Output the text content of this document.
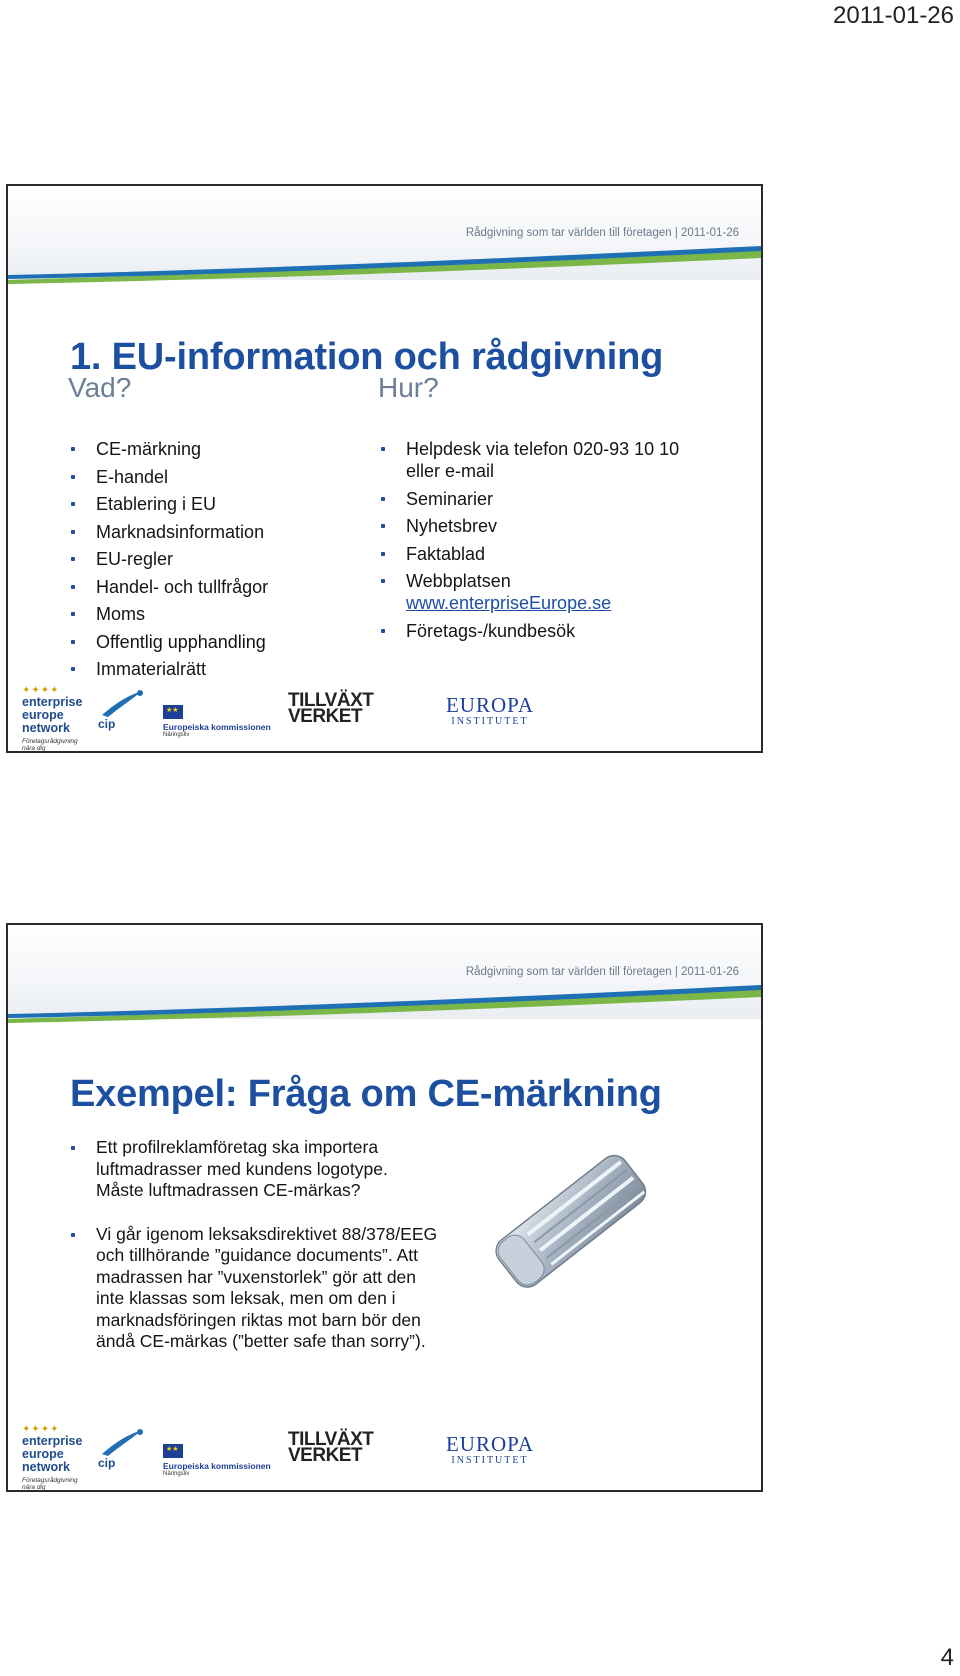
2011-01-26
Rådgivning som tar världen till företagen | 2011-01-26
1. EU-information och rådgivning
Vad?	Hur?
CE-märkning
E-handel
Etablering i EU
Marknadsinformation
EU-regler
Handel- och tullfrågor
Moms
Offentlig upphandling
Immaterialrätt
Helpdesk via telefon 020-93 10 10 eller e-mail
Seminarier
Nyhetsbrev
Faktablad
Webbplatsen
www.enterpriseEurope.se
Företags-/kundbesök
✦✦✦✦
enterprise
europe
network
Företagsrådgivning nära dig
cip
★★
Europeiska kommissionen
Näringsliv
TILLVÄXT
VERKET	EUROPA
INSTITUTET
Rådgivning som tar världen till företagen | 2011-01-26
Exempel: Fråga om CE-märkning
Ett profilreklamföretag ska importera luftmadrasser med kundens logotype. Måste luftmadrassen CE-märkas?
Vi går igenom leksaksdirektivet 88/378/EEG och tillhörande ”guidance documents”. Att madrassen har ”vuxenstorlek” gör att den inte klassas som leksak, men om den i marknadsföringen riktas mot barn bör den ändå CE-märkas (”better safe than sorry”).
✦✦✦✦
enterprise
europe
network
Företagsrådgivning nära dig
cip
★★
Europeiska kommissionen
Näringsliv
TILLVÄXT
VERKET	EUROPA
INSTITUTET
4
